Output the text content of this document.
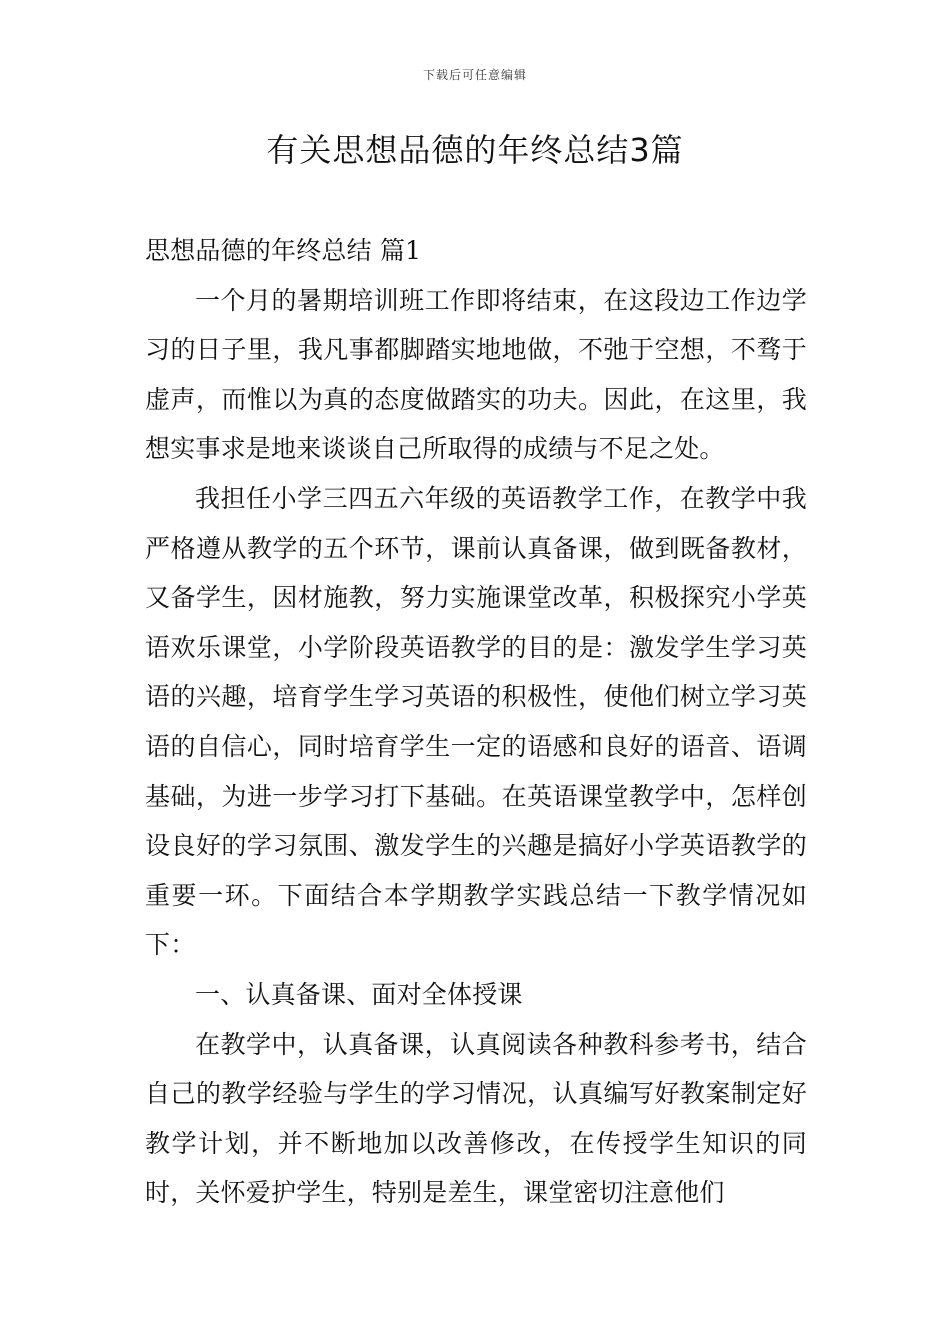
下载后可任意编辑
有关思想品德的年终总结3篇

思想品德的年终总结 篇1

一个月的暑期培训班工作即将结束，在这段边工作边学习的日子里，我凡事都脚踏实地地做，不弛于空想，不骛于虚声，而惟以为真的态度做踏实的功夫。因此，在这里，我想实事求是地来谈谈自己所取得的成绩与不足之处。

我担任小学三四五六年级的英语教学工作，在教学中我严格遵从教学的五个环节，课前认真备课，做到既备教材，又备学生，因材施教，努力实施课堂改革，积极探究小学英语欢乐课堂，小学阶段英语教学的目的是：激发学生学习英语的兴趣，培育学生学习英语的积极性，使他们树立学习英语的自信心，同时培育学生一定的语感和良好的语音、语调基础，为进一步学习打下基础。在英语课堂教学中，怎样创设良好的学习氛围、激发学生的兴趣是搞好小学英语教学的重要一环。下面结合本学期教学实践总结一下教学情况如下：

一、认真备课、面对全体授课

在教学中，认真备课，认真阅读各种教科参考书，结合自己的教学经验与学生的学习情况，认真编写好教案制定好教学计划，并不断地加以改善修改，在传授学生知识的同时，关怀爱护学生，特别是差生，课堂密切注意他们
